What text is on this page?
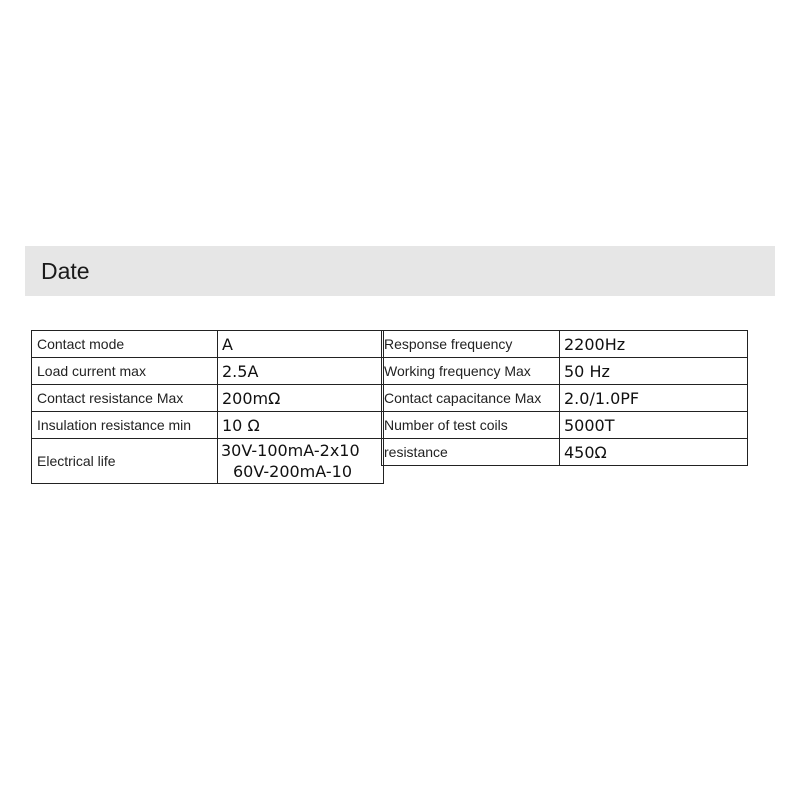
Date
Contact mode	A
Load current max	2.5A
Contact resistance Max	200mΩ
Insulation resistance min	10 Ω
Electrical life	30V-100mA-2x10
60V-200mA-10
Response frequency	2200Hz
Working frequency Max	50 Hz
Contact capacitance Max	2.0/1.0PF
Number of test coils	5000T
resistance	450Ω
